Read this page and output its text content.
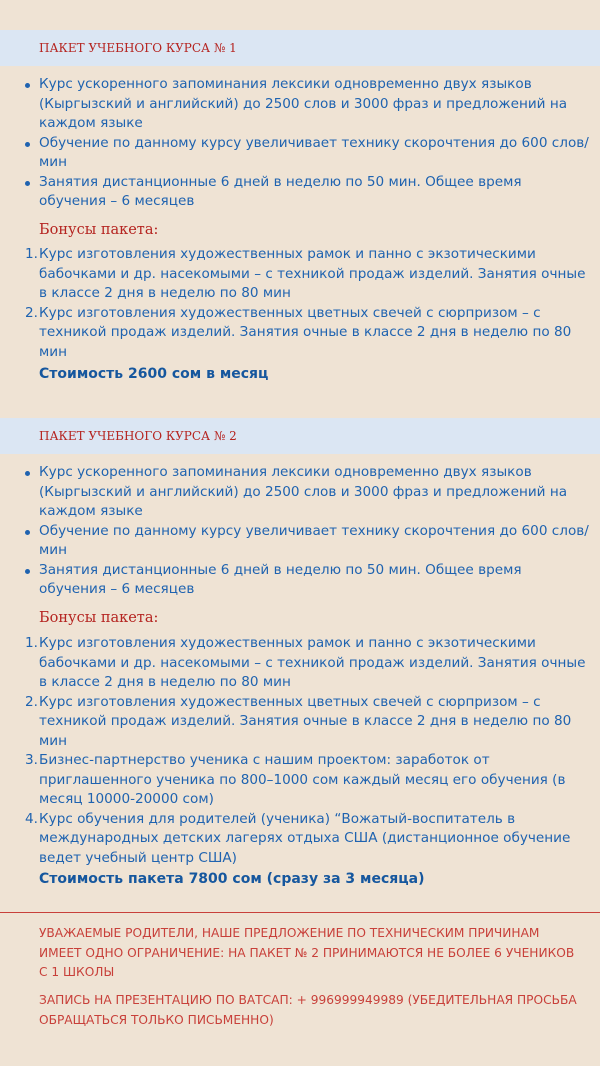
ПАКЕТ УЧЕБНОГО КУРСА № 1
Курс ускоренного запоминания лексики одновременно двух языков (Кыргызский и английский) до 2500 слов и 3000 фраз и предложений на каждом языке
Обучение по данному курсу увеличивает технику скорочтения до 600 слов/мин
Занятия дистанционные 6 дней в неделю по 50 мин. Общее время обучения – 6 месяцев
Бонусы пакета:
1. Курс изготовления художественных рамок и панно с экзотическими бабочками и др. насекомыми – с техникой продаж изделий. Занятия очные в классе 2 дня в неделю по 80 мин
2. Курс изготовления художественных цветных свечей с сюрпризом – с техникой продаж изделий. Занятия очные в классе 2 дня в неделю по 80 мин
Стоимость 2600 сом в месяц
ПАКЕТ УЧЕБНОГО КУРСА № 2
Курс ускоренного запоминания лексики одновременно двух языков (Кыргызский и английский) до 2500 слов и 3000 фраз и предложений на каждом языке
Обучение по данному курсу увеличивает технику скорочтения до 600 слов/мин
Занятия дистанционные 6 дней в неделю по 50 мин. Общее время обучения – 6 месяцев
Бонусы пакета:
1. Курс изготовления художественных рамок и панно с экзотическими бабочками и др. насекомыми – с техникой продаж изделий. Занятия очные в классе 2 дня в неделю по 80 мин
2. Курс изготовления художественных цветных свечей с сюрпризом – с техникой продаж изделий. Занятия очные в классе 2 дня в неделю по 80 мин
3. Бизнес-партнерство ученика с нашим проектом: заработок от приглашенного ученика по 800–1000 сом каждый месяц его обучения (в месяц 10000-20000 сом)
4. Курс обучения для родителей (ученика) “Вожатый-воспитатель в международных детских лагерях отдыха США (дистанционное обучение ведет учебный центр США)
Стоимость пакета 7800 сом (сразу за 3 месяца)
УВАЖАЕМЫЕ РОДИТЕЛИ, НАШЕ ПРЕДЛОЖЕНИЕ ПО ТЕХНИЧЕСКИМ ПРИЧИНАМ ИМЕЕТ ОДНО ОГРАНИЧЕНИЕ: НА ПАКЕТ № 2 ПРИНИМАЮТСЯ НЕ БОЛЕЕ 6 УЧЕНИКОВ С 1 ШКОЛЫ
ЗАПИСЬ НА ПРЕЗЕНТАЦИЮ ПО ВАТСАП: + 996999949989 (УБЕДИТЕЛЬНАЯ ПРОСЬБА ОБРАЩАТЬСЯ ТОЛЬКО ПИСЬМЕННО)
